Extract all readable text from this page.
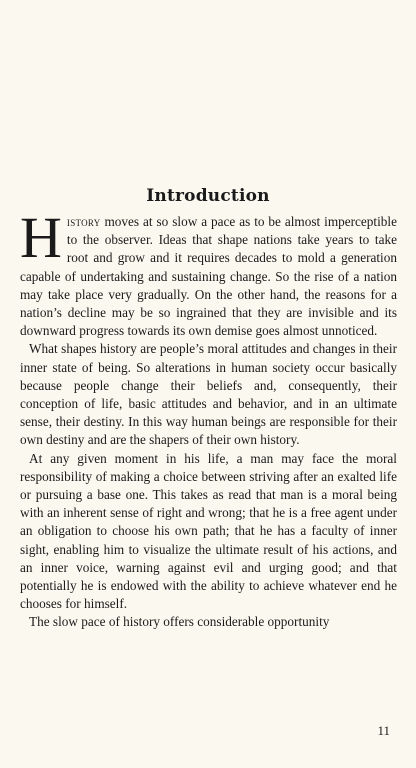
Introduction

History moves at so slow a pace as to be almost imperceptible to the observer. Ideas that shape nations take years to take root and grow and it requires decades to mold a generation capable of undertaking and sustaining change. So the rise of a nation may take place very gradually. On the other hand, the reasons for a nation’s decline may be so ingrained that they are invisible and its downward progress towards its own demise goes almost unnoticed.

What shapes history are people’s moral attitudes and changes in their inner state of being. So alterations in human society occur basically because people change their beliefs and, consequently, their conception of life, basic attitudes and behavior, and in an ultimate sense, their destiny. In this way human beings are responsible for their own destiny and are the shapers of their own history.

At any given moment in his life, a man may face the moral responsibility of making a choice between striving after an exalted life or pursuing a base one. This takes as read that man is a moral being with an inherent sense of right and wrong; that he is a free agent under an obligation to choose his own path; that he has a faculty of inner sight, enabling him to visualize the ultimate result of his actions, and an inner voice, warning against evil and urging good; and that potentially he is endowed with the ability to achieve whatever end he chooses for himself.

The slow pace of history offers considerable opportunity

11
